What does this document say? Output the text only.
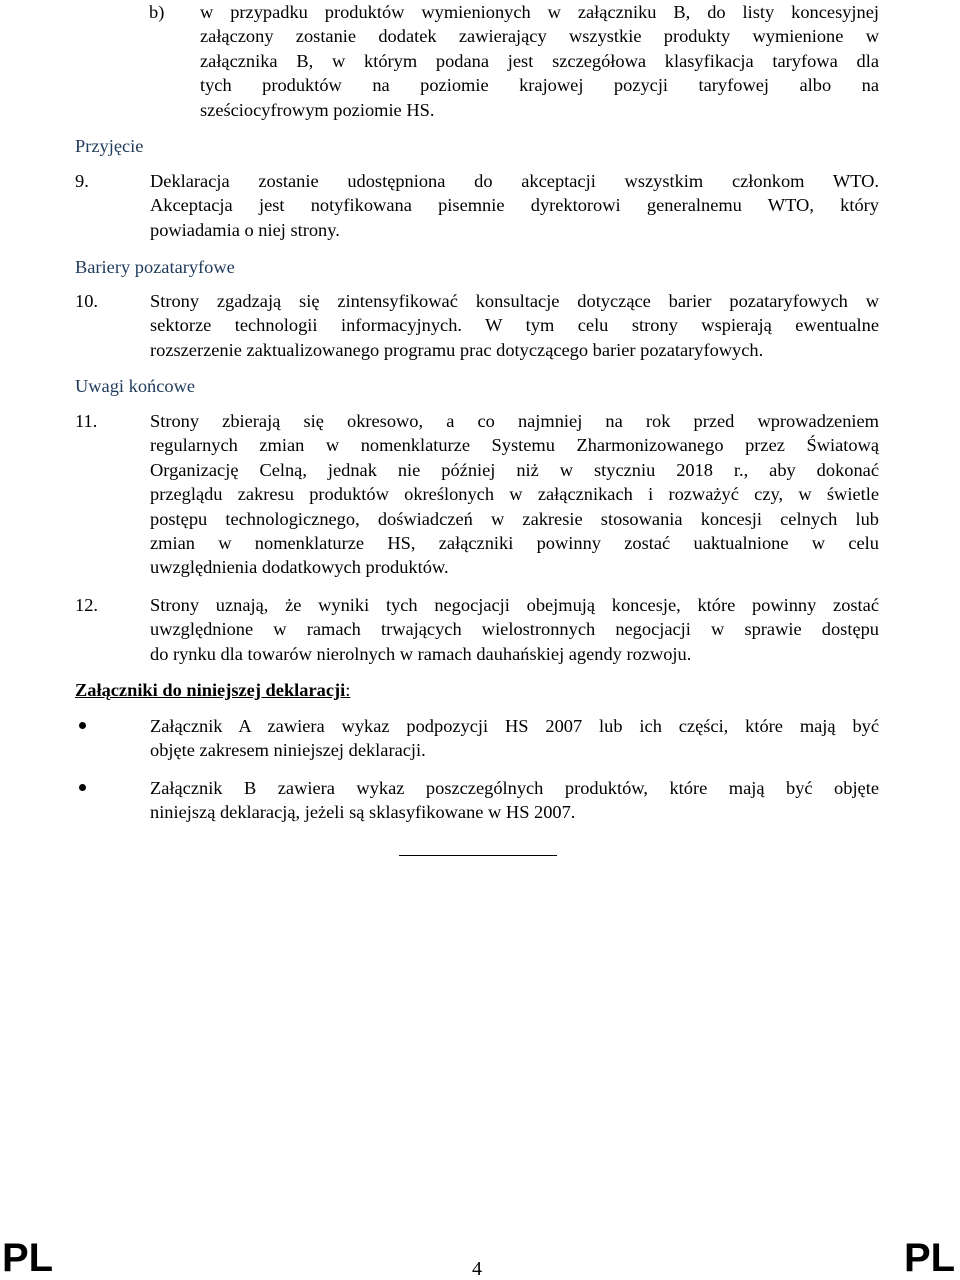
b) w przypadku produktów wymienionych w załączniku B, do listy koncesyjnej
załączony zostanie dodatek zawierający wszystkie produkty wymienione w
załącznika B, w którym podana jest szczegółowa klasyfikacja taryfowa dla
tych produktów na poziomie krajowej pozycji taryfowej albo na
sześciocyfrowym poziomie HS.
Przyjęcie
9.	Deklaracja zostanie udostępniona do akceptacji wszystkim członkom WTO.
Akceptacja jest notyfikowana pisemnie dyrektorowi generalnemu WTO, który
powiadamia o niej strony.
Bariery pozataryfowe
10.	Strony zgadzają się zintensyfikować konsultacje dotyczące barier pozataryfowych w
sektorze technologii informacyjnych. W tym celu strony wspierają ewentualne
rozszerzenie zaktualizowanego programu prac dotyczącego barier pozataryfowych.
Uwagi końcowe
11.	Strony zbierają się okresowo, a co najmniej na rok przed wprowadzeniem
regularnych zmian w nomenklaturze Systemu Zharmonizowanego przez Światową
Organizację Celną, jednak nie później niż w styczniu 2018 r., aby dokonać
przeglądu zakresu produktów określonych w załącznikach i rozważyć czy, w świetle
postępu technologicznego, doświadczeń w zakresie stosowania koncesji celnych lub
zmian w nomenklaturze HS, załączniki powinny zostać uaktualnione w celu
uwzględnienia dodatkowych produktów.
12.	Strony uznają, że wyniki tych negocjacji obejmują koncesje, które powinny zostać
uwzględnione w ramach trwających wielostronnych negocjacji w sprawie dostępu
do rynku dla towarów nierolnych w ramach dauhańskiej agendy rozwoju.
Załączniki do niniejszej deklaracji:
Załącznik A zawiera wykaz podpozycji HS 2007 lub ich części, które mają być
objęte zakresem niniejszej deklaracji.
Załącznik B zawiera wykaz poszczególnych produktów, które mają być objęte
niniejszą deklaracją, jeżeli są sklasyfikowane w HS 2007.
PL	PL
4
